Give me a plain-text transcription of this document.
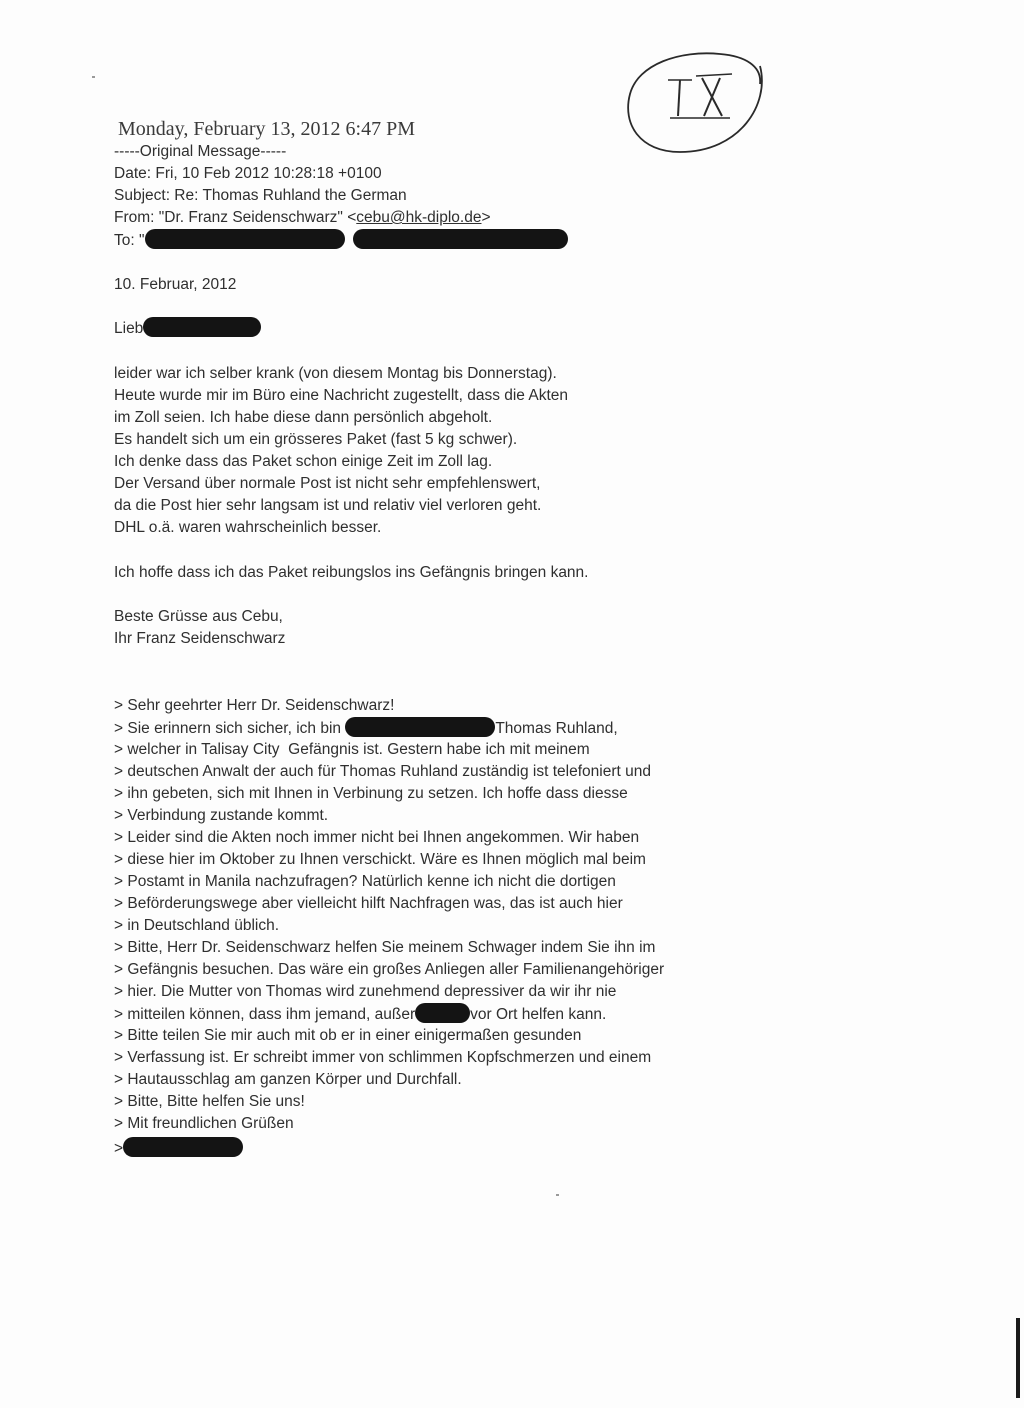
Monday, February 13, 2012 6:47 PM
-----Original Message-----
Date: Fri, 10 Feb 2012 10:28:18 +0100
Subject: Re: Thomas Ruhland the German
From: "Dr. Franz Seidenschwarz" <cebu@hk-diplo.de>
To: "
10. Februar, 2012
Lieb
leider war ich selber krank (von diesem Montag bis Donnerstag).
Heute wurde mir im Büro eine Nachricht zugestellt, dass die Akten
im Zoll seien. Ich habe diese dann persönlich abgeholt.
Es handelt sich um ein grösseres Paket (fast 5 kg schwer).
Ich denke dass das Paket schon einige Zeit im Zoll lag.
Der Versand über normale Post ist nicht sehr empfehlenswert,
da die Post hier sehr langsam ist und relativ viel verloren geht.
DHL o.ä. waren wahrscheinlich besser.
Ich hoffe dass ich das Paket reibungslos ins Gefängnis bringen kann.
Beste Grüsse aus Cebu,
Ihr Franz Seidenschwarz
> Sehr geehrter Herr Dr. Seidenschwarz!
> Sie erinnern sich sicher, ich bin	Thomas Ruhland,
> welcher in Talisay City  Gefängnis ist. Gestern habe ich mit meinem
> deutschen Anwalt der auch für Thomas Ruhland zuständig ist telefoniert und
> ihn gebeten, sich mit Ihnen in Verbinung zu setzen. Ich hoffe dass diesse
> Verbindung zustande kommt.
> Leider sind die Akten noch immer nicht bei Ihnen angekommen. Wir haben
> diese hier im Oktober zu Ihnen verschickt. Wäre es Ihnen möglich mal beim
> Postamt in Manila nachzufragen? Natürlich kenne ich nicht die dortigen
> Beförderungswege aber vielleicht hilft Nachfragen was, das ist auch hier
> in Deutschland üblich.
> Bitte, Herr Dr. Seidenschwarz helfen Sie meinem Schwager indem Sie ihn im
> Gefängnis besuchen. Das wäre ein großes Anliegen aller Familienangehöriger
> hier. Die Mutter von Thomas wird zunehmend depressiver da wir ihr nie
> mitteilen können, dass ihm jemand, außer	vor Ort helfen kann.
> Bitte teilen Sie mir auch mit ob er in einer einigermaßen gesunden
> Verfassung ist. Er schreibt immer von schlimmen Kopfschmerzen und einem
> Hautausschlag am ganzen Körper und Durchfall.
> Bitte, Bitte helfen Sie uns!
> Mit freundlichen Grüßen
>
